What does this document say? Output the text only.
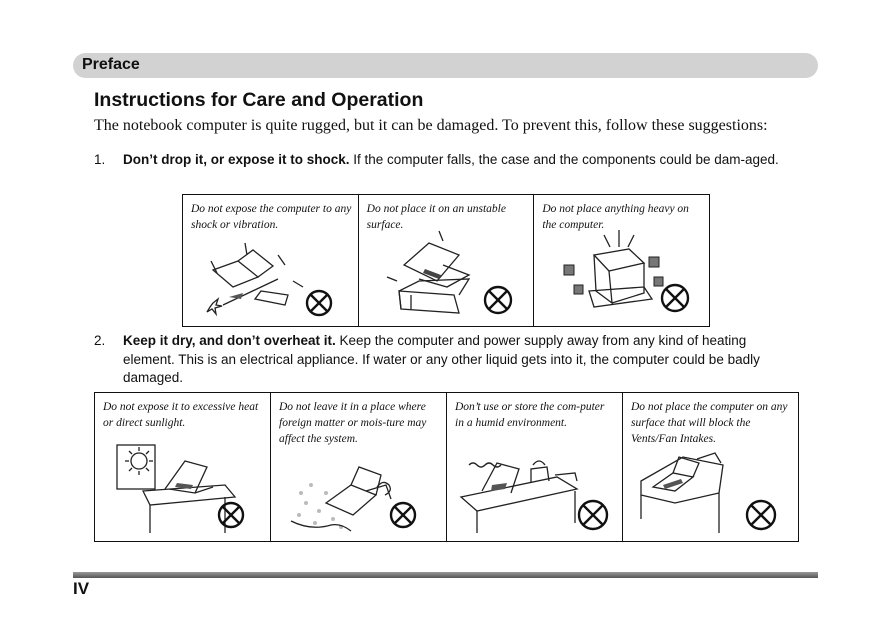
Preface
Instructions for Care and Operation
The notebook computer is quite rugged, but it can be damaged. To prevent this, follow these suggestions:
1. Don’t drop it, or expose it to shock. If the computer falls, the case and the components could be dam-aged.
Do not expose the computer to any shock or vibration.
Do not place it on an unstable surface.
Do not place anything heavy on the computer.
2. Keep it dry, and don’t overheat it. Keep the computer and power supply away from any kind of heating element. This is an electrical appliance. If water or any other liquid gets into it, the computer could be badly damaged.
Do not expose it to excessive heat or direct sunlight.
Do not leave it in a place where foreign matter or mois-ture may affect the system.
Don’t use or store the com-puter in a humid environment.
Do not place the computer on any surface that will block the Vents/Fan Intakes.
IV
